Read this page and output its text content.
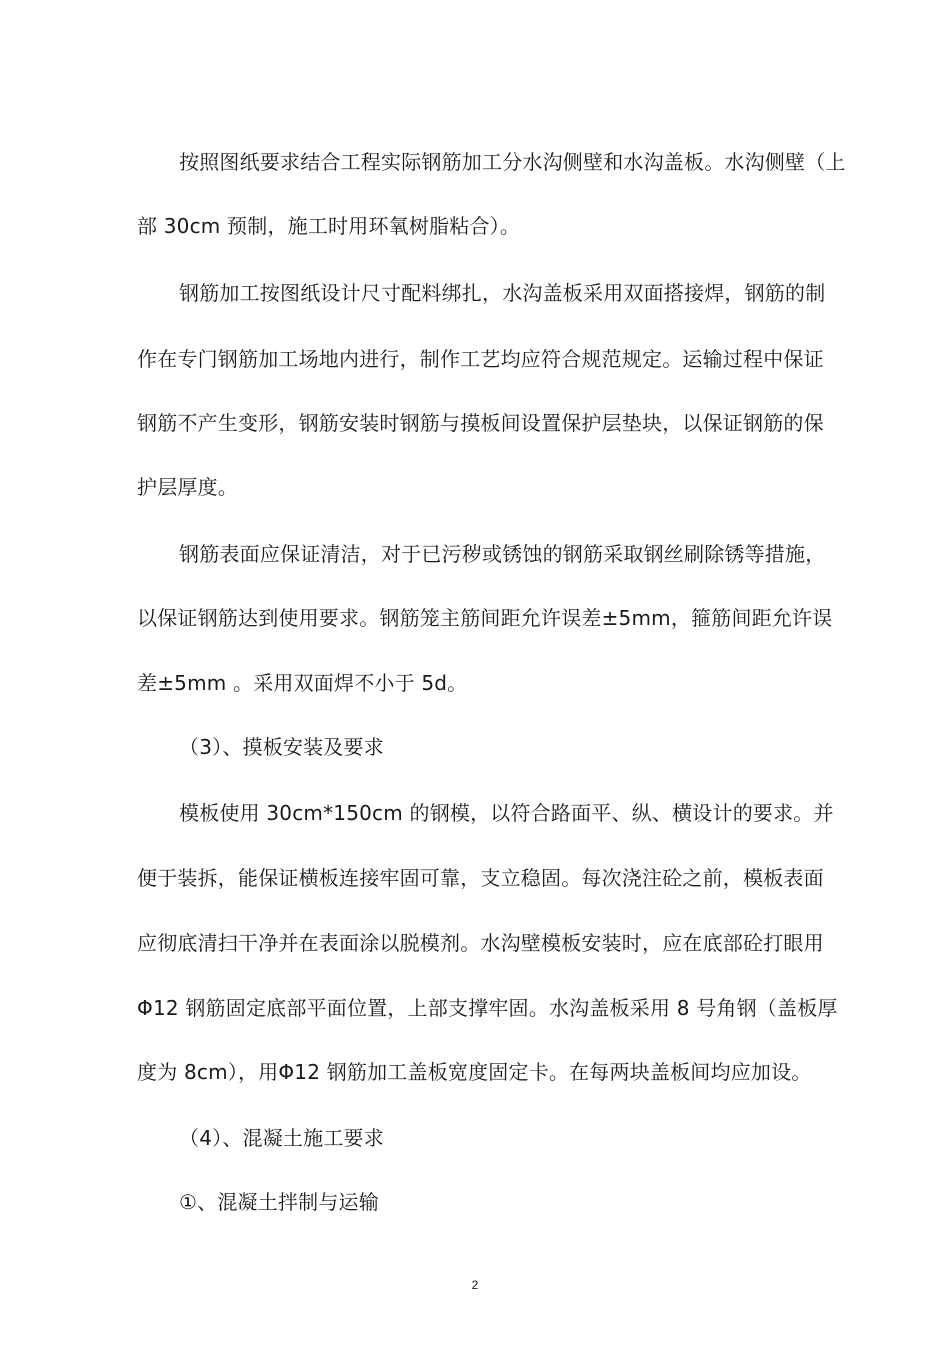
按照图纸要求结合工程实际钢筋加工分水沟侧壁和水沟盖板。水沟侧壁（上
部 30cm 预制，施工时用环氧树脂粘合）。
钢筋加工按图纸设计尺寸配料绑扎，水沟盖板采用双面搭接焊，钢筋的制
作在专门钢筋加工场地内进行，制作工艺均应符合规范规定。运输过程中保证
钢筋不产生变形，钢筋安装时钢筋与摸板间设置保护层垫块，以保证钢筋的保
护层厚度。
钢筋表面应保证清洁，对于已污秽或锈蚀的钢筋采取钢丝刷除锈等措施，
以保证钢筋达到使用要求。钢筋笼主筋间距允许误差±5mm，箍筋间距允许误
差±5mm 。采用双面焊不小于 5d。
（3）、摸板安装及要求
模板使用 30cm*150cm 的钢模，以符合路面平、纵、横设计的要求。并
便于装拆，能保证横板连接牢固可靠，支立稳固。每次浇注砼之前，模板表面
应彻底清扫干净并在表面涂以脱模剂。水沟壁模板安装时，应在底部砼打眼用
Φ12 钢筋固定底部平面位置，上部支撑牢固。水沟盖板采用 8 号角钢（盖板厚
度为 8cm），用Φ12 钢筋加工盖板宽度固定卡。在每两块盖板间均应加设。
（4）、混凝土施工要求
①、混凝土拌制与运输
2
